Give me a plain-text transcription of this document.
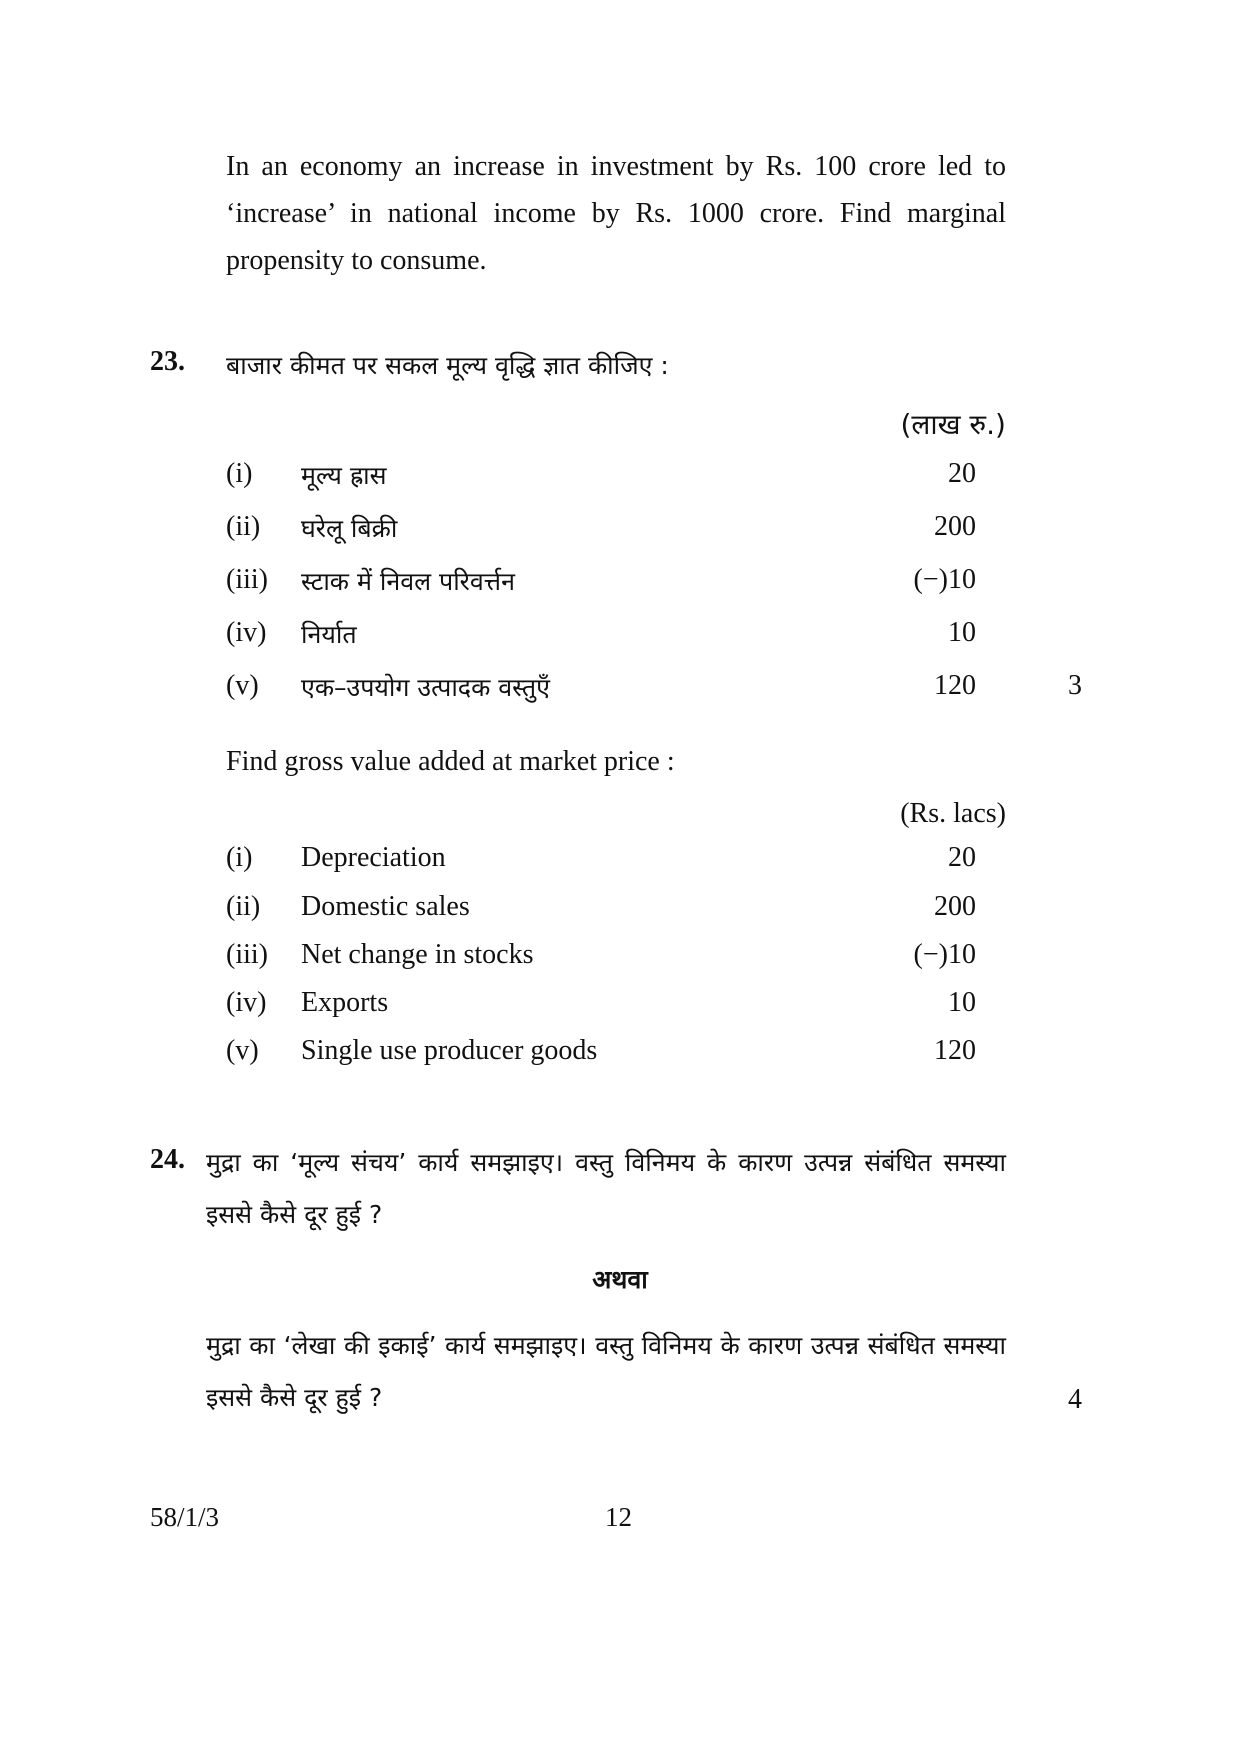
In an economy an increase in investment by Rs. 100 crore led to ‘increase’ in national income by Rs. 1000 crore. Find marginal propensity to consume.
23. बाजार कीमत पर सकल मूल्य वृद्धि ज्ञात कीजिए :
(लाख रु.)
(i) मूल्य ह्रास	20
(ii) घरेलू बिक्री	200
(iii) स्टाक में निवल परिवर्त्तन	(−)10
(iv) निर्यात	10
(v) एक–उपयोग उत्पादक वस्तुएँ	120	3
Find gross value added at market price :
(Rs. lacs)
(i) Depreciation	20
(ii) Domestic sales	200
(iii) Net change in stocks	(−)10
(iv) Exports	10
(v) Single use producer goods	120
24. मुद्रा का ‘मूल्य संचय’ कार्य समझाइए। वस्तु विनिमय के कारण उत्पन्न संबंधित समस्या इससे कैसे दूर हुई ?
अथवा
मुद्रा का ‘लेखा की इकाई’ कार्य समझाइए। वस्तु विनिमय के कारण उत्पन्न संबंधित समस्या इससे कैसे दूर हुई ?	4
58/1/3	12
